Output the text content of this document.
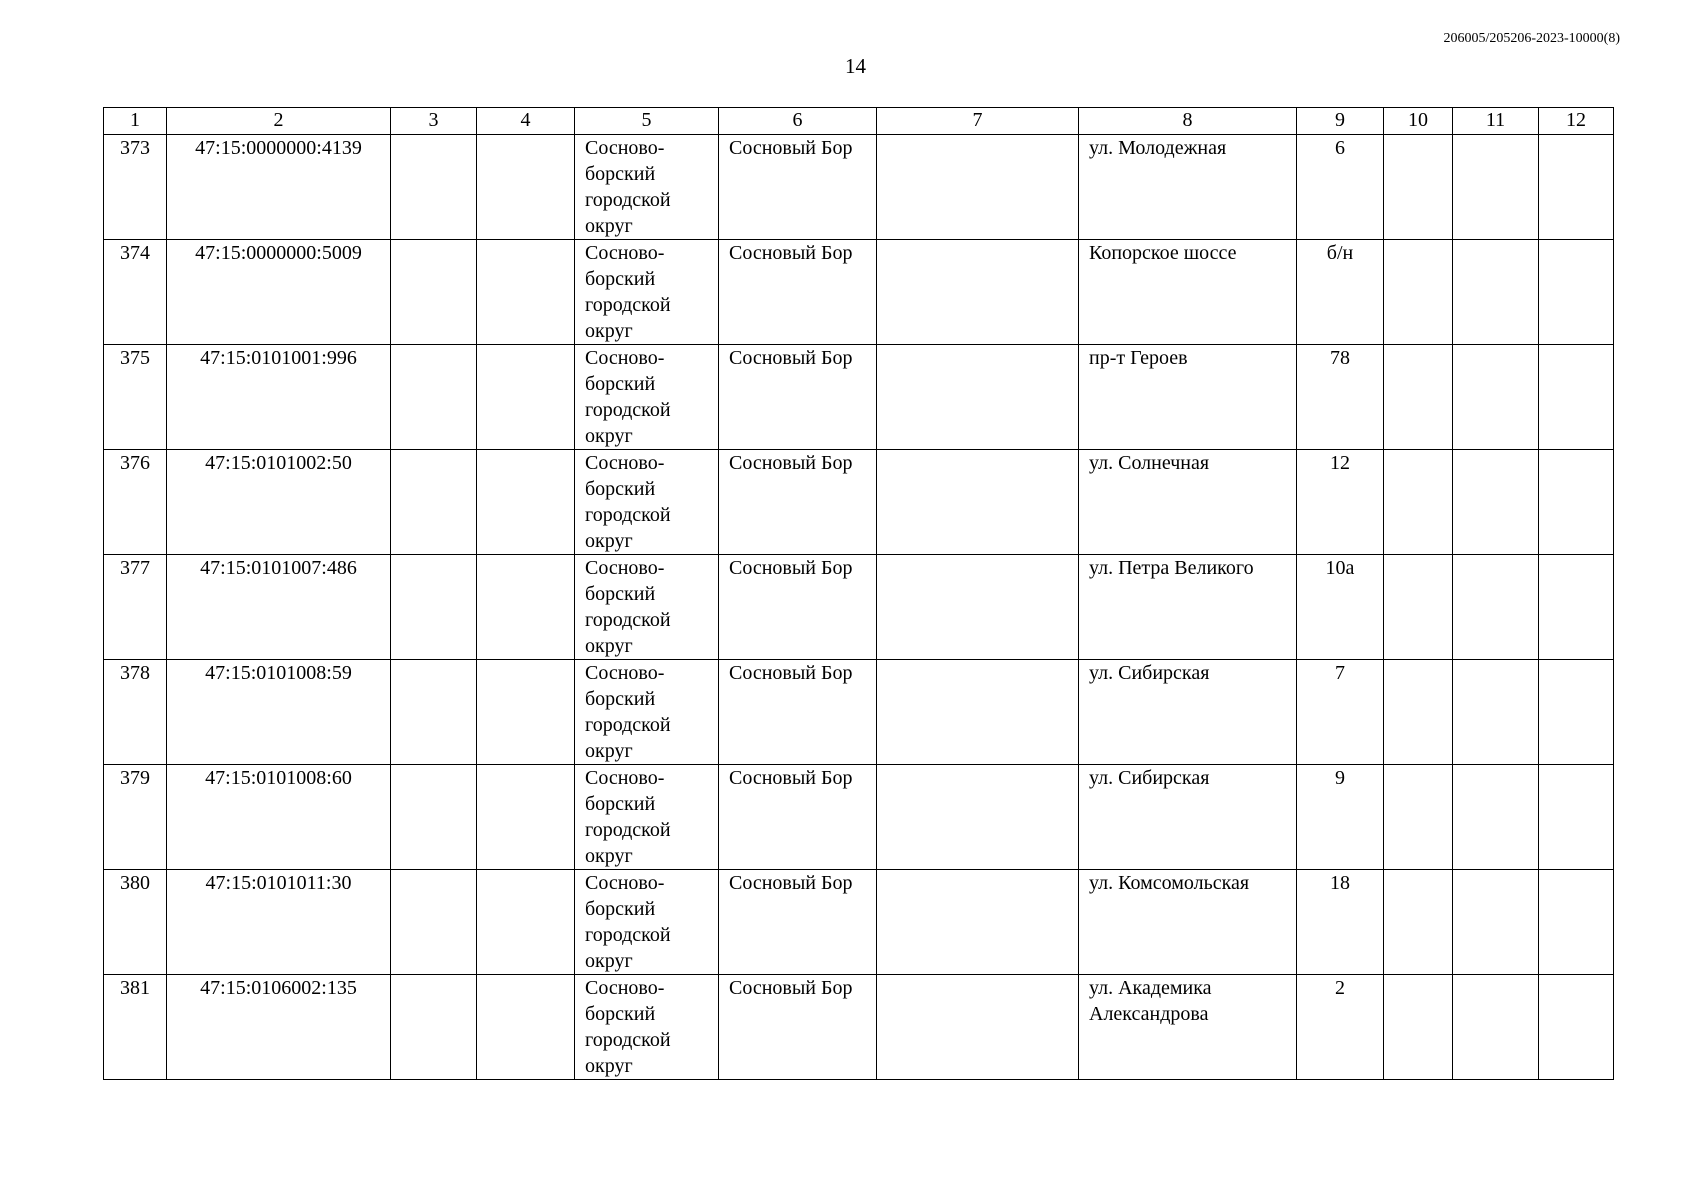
206005/205206-2023-10000(8)
14
1	2	3	4	5	6	7	8	9	10	11	12
373	47:15:0000000:4139			Сосново-борский городской округ	Сосновый Бор		ул. Молодежная	6			
374	47:15:0000000:5009			Сосново-борский городской округ	Сосновый Бор		Копорское шоссе	б/н			
375	47:15:0101001:996			Сосново-борский городской округ	Сосновый Бор		пр-т Героев	78			
376	47:15:0101002:50			Сосново-борский городской округ	Сосновый Бор		ул. Солнечная	12			
377	47:15:0101007:486			Сосново-борский городской округ	Сосновый Бор		ул. Петра Великого	10а			
378	47:15:0101008:59			Сосново-борский городской округ	Сосновый Бор		ул. Сибирская	7			
379	47:15:0101008:60			Сосново-борский городской округ	Сосновый Бор		ул. Сибирская	9			
380	47:15:0101011:30			Сосново-борский городской округ	Сосновый Бор		ул. Комсомольская	18			
381	47:15:0106002:135			Сосново-борский городской округ	Сосновый Бор		ул. Академика Александрова	2			
